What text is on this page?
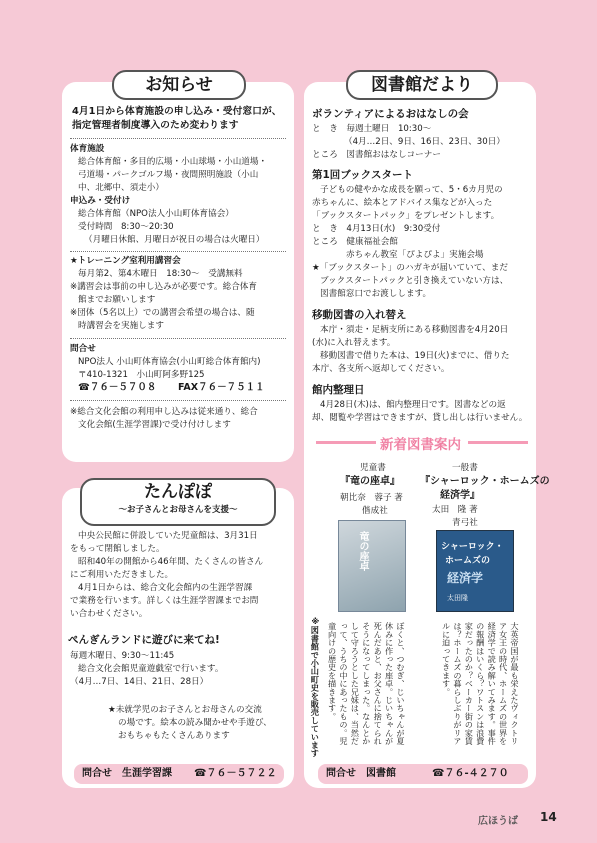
お知らせ
4月1日から体育施設の申し込み・受付窓口が、
指定管理者制度導入のため変わります
体育施設
総合体育館・多目的広場・小山球場・小山道場・
弓道場・パークゴルフ場・夜間照明施設（小山
中、北郷中、須走小）
申込み・受付け
総合体育館（NPO法人小山町体育協会）
受付時間　8:30～20:30
（月曜日休館、月曜日が祝日の場合は火曜日）
★トレーニング室利用講習会
毎月第2、第4木曜日　18:30～　受講無料
※講習会は事前の申し込みが必要です。総合体育
館までお願いします
※団体（5名以上）での講習会希望の場合は、随
時講習会を実施します
問合せ
NPO法人 小山町体育協会(小山町総合体育館内)
〒410-1321　小山町阿多野125
☎７６－５７０８ FAX７６－７５１１
※総合文化会館の利用申し込みは従来通り、総合
文化会館(生涯学習課)で受け付けします
たんぽぽ
～お子さんとお母さんを支援～
中央公民館に併設していた児童館は、3月31日
をもって閉館しました。
昭和40年の開館から46年間、たくさんの皆さん
にご利用いただきました。
4月1日からは、総合文化会館内の生涯学習課
で業務を行います。詳しくは生涯学習課までお問
い合わせください。
ぺんぎんランドに遊びに来てね!
毎週木曜日、9:30～11:45
総合文化会館児童遊戯室で行います。
（4月…7日、14日、21日、28日）
★未就学児のお子さんとお母さんの交流
の場です。絵本の読み聞かせや手遊び、
おもちゃもたくさんあります
問合せ　生涯学習課 ☎７６－５７２２
図書館だより
ボランティアによるおはなしの会
と　き　毎週土曜日　10:30～
（4月…2日、9日、16日、23日、30日）
ところ　図書館おはなしコーナー
第1回ブックスタート
子どもの健やかな成長を願って、5・6カ月児の
赤ちゃんに、絵本とアドバイス集などが入った
「ブックスタートパック」をプレゼントします。
と　き　4月13日(水)　9:30受付
ところ　健康福祉会館
赤ちゃん教室「ぴよぴよ」実施会場
★「ブックスタート」のハガキが届いていて、まだ
ブックスタートパックと引き換えていない方は、
図書館窓口でお渡しします。
移動図書の入れ替え
本庁・須走・足柄支所にある移動図書を4月20日
(水)に入れ替えます。
移動図書で借りた本は、19日(火)までに、借りた
本庁、各支所へ返却してください。
館内整理日
4月28日(木)は、館内整理日です。図書などの返
却、閲覧や学習はできますが、貸し出しは行いません。
新着図書案内
児童書
『竜の座卓』
朝比奈　蓉子 著
偕成社
竜の座卓
一般書
『シャーロック・ホームズの
経済学』
太田　隆 著
青弓社
シャーロック・
ホームズの
経済学
太田隆
※図書館で小山町史を販売しています	ぼくと、つむぎ、じいちゃんが夏休みに作った座卓。じいちゃんが死んだあと、お父さんに捨てられそうになってしまった。なんとかして守ろうとした兄妹は、当然だって、うちの中にあったもの。児童向けの歴史を描きます。	大英帝国が最も栄えたヴィクトリア女王の時代、ホームズの世界を経済学で読み解いてみます。事件の報酬はいくら？ワトスンは浪費家だったのか？ベーカー街の家賃は？ホームズの暮らしぶりがリアルに迫ってきます。
問合せ　図書館	☎７６-４２７０
広ほうば 14
